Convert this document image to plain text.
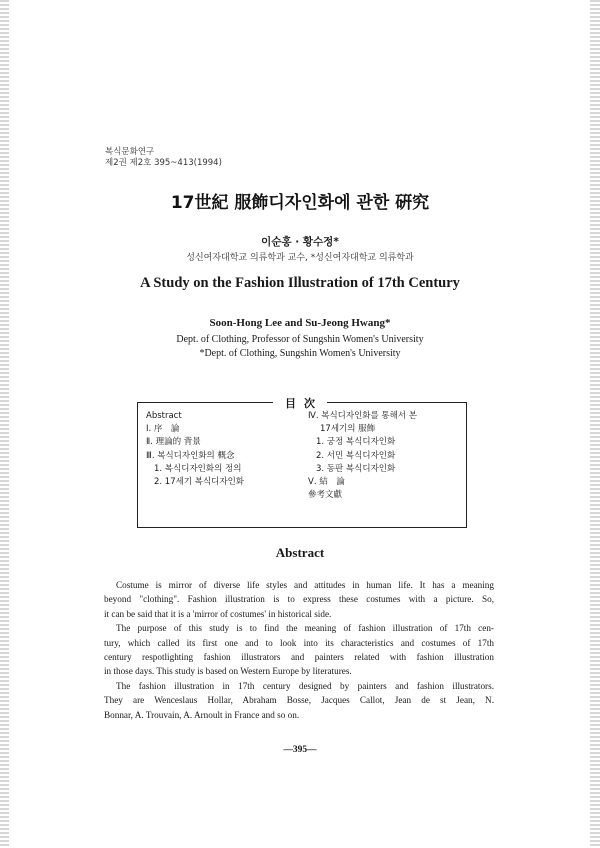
복식문화연구
제2권 제2호 395~413(1994)
17世紀 服飾디자인화에 관한 硏究
이순홍 · 황수정*
성신여자대학교 의류학과 교수, *성신여자대학교 의류학과
A Study on the Fashion Illustration of 17th Century
Soon-Hong Lee and Su-Jeong Hwang*
Dept. of Clothing, Professor of Sungshin Women's University
*Dept. of Clothing, Sungshin Women's University
目次
Abstract
Ⅰ. 序　論
Ⅱ. 理論的 背景
Ⅲ. 복식디자인화의 概念
1. 복식디자인화의 정의
2. 17세기 복식디자인화
Ⅳ. 복식디자인화를 통해서 본
17세기의 服飾
1. 궁정 복식디자인화
2. 서민 복식디자인화
3. 동판 복식디자인화
Ⅴ. 結　論
參考文獻
Abstract
Costume is mirror of diverse life styles and attitudes in human life. It has a meaning
beyond "clothing". Fashion illustration is to express these costumes with a picture. So,
it can be said that it is a 'mirror of costumes' in historical side.
The purpose of this study is to find the meaning of fashion illustration of 17th cen-
tury, which called its first one and to look into its characteristics and costumes of 17th
century respotlighting fashion illustrators and painters related with fashion illustration
in those days. This study is based on Western Europe by literatures.
The fashion illustration in 17th century designed by painters and fashion illustrators.
They are Wenceslaus Hollar, Abraham Bosse, Jacques Callot, Jean de st Jean, N.
Bonnar, A. Trouvain, A. Arnoult in France and so on.
—395—
